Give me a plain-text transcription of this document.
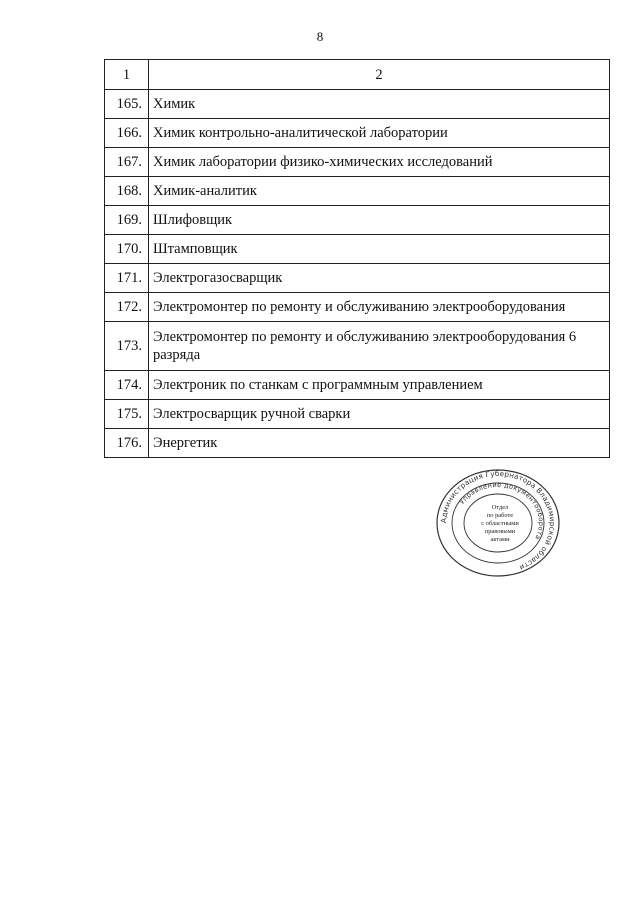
8
1	2
165.	Химик
166.	Химик контрольно-аналитической лаборатории
167.	Химик лаборатории физико-химических исследований
168.	Химик-аналитик
169.	Шлифовщик
170.	Штамповщик
171.	Электрогазосварщик
172.	Электромонтер по ремонту и обслуживанию электрооборудования
173.	Электромонтер по ремонту и обслуживанию электрооборудования 6 разряда
174.	Электроник по станкам с программным управлением
175.	Электросварщик ручной сварки
176.	Энергетик
Администрация Губернатора Владимирской области
Управление документооборота
Отдел
по работе
с областными
правовыми
актами
